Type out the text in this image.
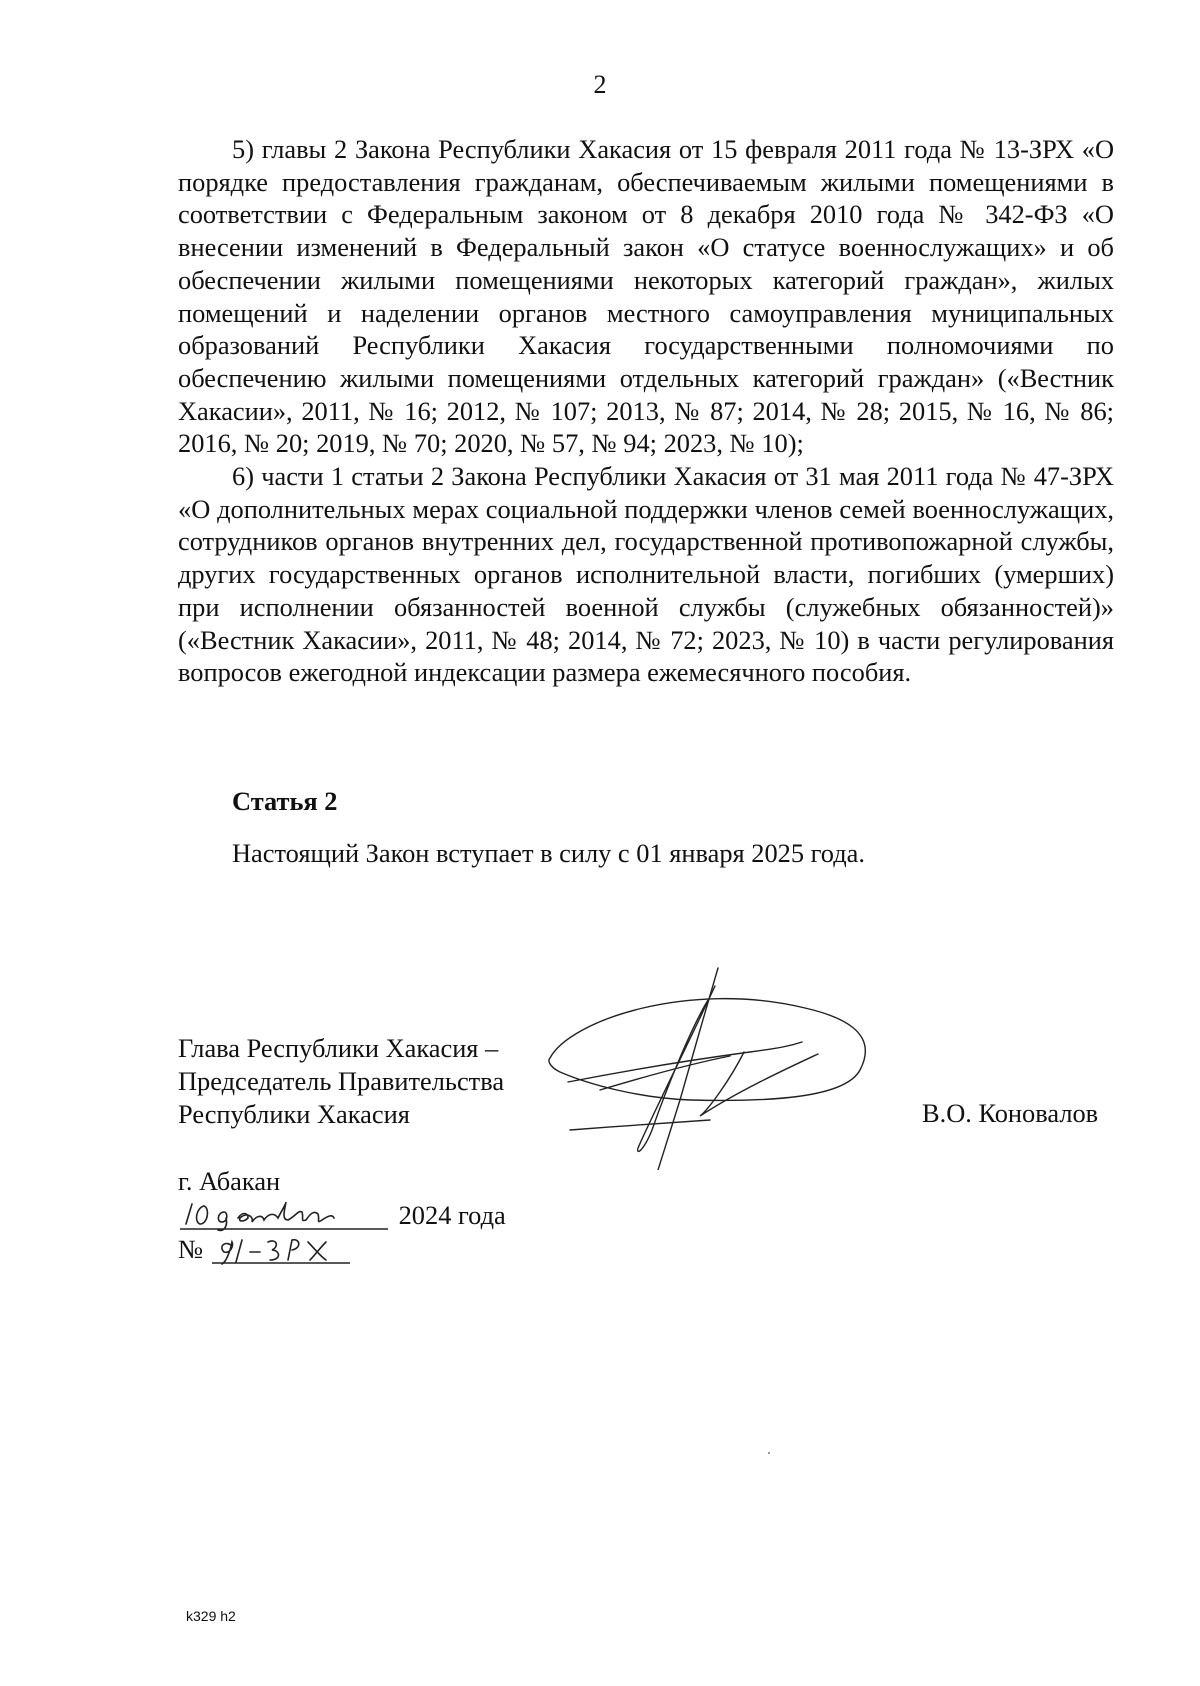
2

5) главы 2 Закона Республики Хакасия от 15 февраля 2011 года № 13-ЗРХ «О порядке предоставления гражданам, обеспечиваемым жилыми помещениями в соответствии с Федеральным законом от 8 декабря 2010 года № 342-ФЗ «О внесении изменений в Федеральный закон «О статусе военнослужащих» и об обеспечении жилыми помещениями некоторых категорий граждан», жилых помещений и наделении органов местного самоуправления муниципальных образований Республики Хакасия государственными полномочиями по обеспечению жилыми помещениями отдельных категорий граждан» («Вестник Хакасии», 2011, № 16; 2012, № 107; 2013, № 87; 2014, № 28; 2015, № 16, № 86; 2016, № 20; 2019, № 70; 2020, № 57, № 94; 2023, № 10);

6) части 1 статьи 2 Закона Республики Хакасия от 31 мая 2011 года № 47-ЗРХ «О дополнительных мерах социальной поддержки членов семей военнослужащих, сотрудников органов внутренних дел, государственной противопожарной службы, других государственных органов исполнительной власти, погибших (умерших) при исполнении обязанностей военной службы (служебных обязанностей)» («Вестник Хакасии», 2011, № 48; 2014, № 72; 2023, № 10) в части регулирования вопросов ежегодной индексации размера ежемесячного пособия.

Статья 2
Настоящий Закон вступает в силу с 01 января 2025 года.
Глава Республики Хакасия –
Председатель Правительства
Республики Хакасия	В.О. Коновалов
г. Абакан
2024 года
№
k329 h2
